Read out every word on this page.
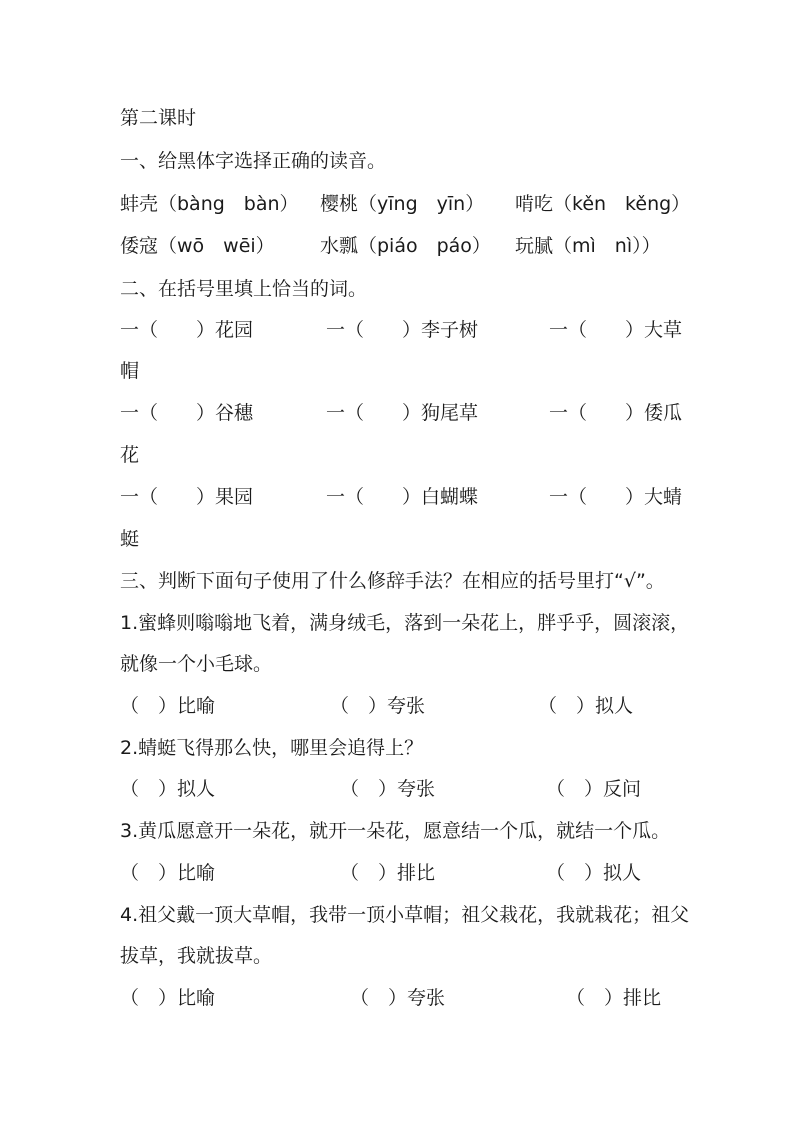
第二课时
一、给黑体字选择正确的读音。
蚌壳（bàng　bàn） 樱桃（yīng　yīn） 啃吃（kěn　kěng）
倭寇（wō　wēi） 水瓢（piáo　páo） 玩腻（mì　nì））
二、在括号里填上恰当的词。
一（　　）花园	一（　　）李子树	一（　　）大草
帽
一（　　）谷穗	一（　　）狗尾草	一（　　）倭瓜
花
一（　　）果园	一（　　）白蝴蝶	一（　　）大蜻
蜓
三、判断下面句子使用了什么修辞手法？在相应的括号里打“√”。
1.蜜蜂则嗡嗡地飞着，满身绒毛，落到一朵花上，胖乎乎，圆滚滚，
就像一个小毛球。
（　）比喻	（　）夸张	（　）拟人
2.蜻蜓飞得那么快，哪里会追得上？
（　）拟人	（　）夸张	（　）反问
3.黄瓜愿意开一朵花，就开一朵花，愿意结一个瓜，就结一个瓜。
（　）比喻	（　）排比	（　）拟人
4.祖父戴一顶大草帽，我带一顶小草帽；祖父栽花，我就栽花；祖父
拔草，我就拔草。
（　）比喻	（　）夸张	（　）排比
